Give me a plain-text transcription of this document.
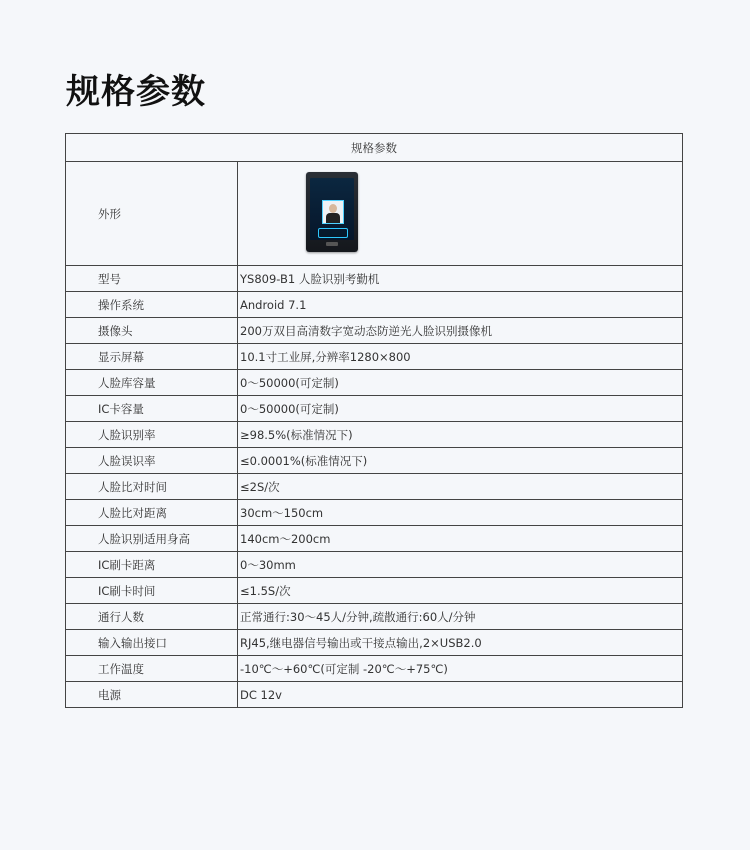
规格参数
规格参数	
外形	

型号	YS809-B1 人脸识别考勤机
操作系统	Android 7.1
摄像头	200万双目高清数字宽动态防逆光人脸识别摄像机
显示屏幕	10.1寸工业屏,分辨率1280×800
人脸库容量	0〜50000(可定制)
IC卡容量	0〜50000(可定制)
人脸识别率	≥98.5%(标准情况下)
人脸误识率	≤0.0001%(标准情况下)
人脸比对时间	≤2S/次
人脸比对距离	30cm〜150cm
人脸识别适用身高	140cm〜200cm
IC刷卡距离	0〜30mm
IC刷卡时间	≤1.5S/次
通行人数	正常通行:30〜45人/分钟,疏散通行:60人/分钟
输入输出接口	RJ45,继电器信号输出或干接点输出,2×USB2.0
工作温度	-10℃〜+60℃(可定制 -20℃〜+75℃)
电源	DC 12v
